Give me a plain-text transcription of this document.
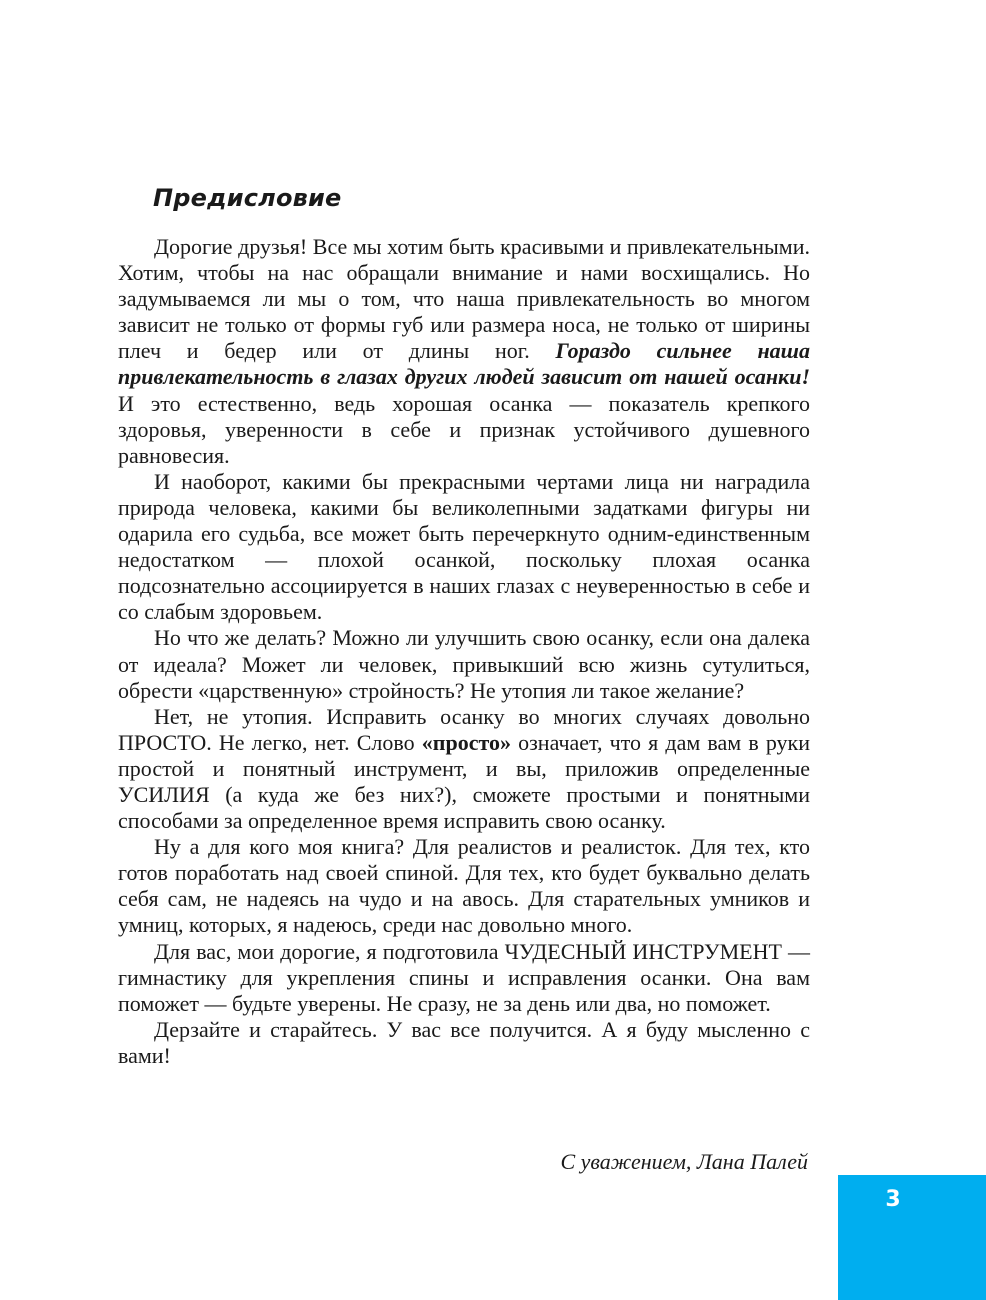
Предисловие

Дорогие друзья! Все мы хотим быть красивыми и привлекательными. Хотим, чтобы на нас обращали внимание и нами восхищались. Но задумываемся ли мы о том, что наша привлекательность во многом зависит не только от формы губ или размера носа, не только от ширины плеч и бедер или от длины ног. Гораздо сильнее наша привлекательность в глазах других людей зависит от нашей осанки! И это естественно, ведь хорошая осанка — показатель крепкого здоровья, уверенности в себе и признак устойчивого душевного равновесия.

И наоборот, какими бы прекрасными чертами лица ни наградила природа человека, какими бы великолепными задатками фигуры ни одарила его судьба, все может быть перечеркнуто одним-единственным недостатком — плохой осанкой, поскольку плохая осанка подсознательно ассоциируется в наших глазах с неуверенностью в себе и со слабым здоровьем.

Но что же делать? Можно ли улучшить свою осанку, если она далека от идеала? Может ли человек, привыкший всю жизнь сутулиться, обрести «царственную» стройность? Не утопия ли такое желание?

Нет, не утопия. Исправить осанку во многих случаях довольно ПРОСТО. Не легко, нет. Слово «просто» означает, что я дам вам в руки простой и понятный инструмент, и вы, приложив определенные УСИЛИЯ (а куда же без них?), сможете простыми и понятными способами за определенное время исправить свою осанку.

Ну а для кого моя книга? Для реалистов и реалисток. Для тех, кто готов поработать над своей спиной. Для тех, кто будет буквально делать себя сам, не надеясь на чудо и на авось. Для старательных умников и умниц, которых, я надеюсь, среди нас довольно много.

Для вас, мои дорогие, я подготовила ЧУДЕСНЫЙ ИНСТРУМЕНТ — гимнастику для укрепления спины и исправления осанки. Она вам поможет — будьте уверены. Не сразу, не за день или два, но поможет.

Дерзайте и старайтесь. У вас все получится. А я буду мысленно с вами!

С уважением, Лана Палей
3
